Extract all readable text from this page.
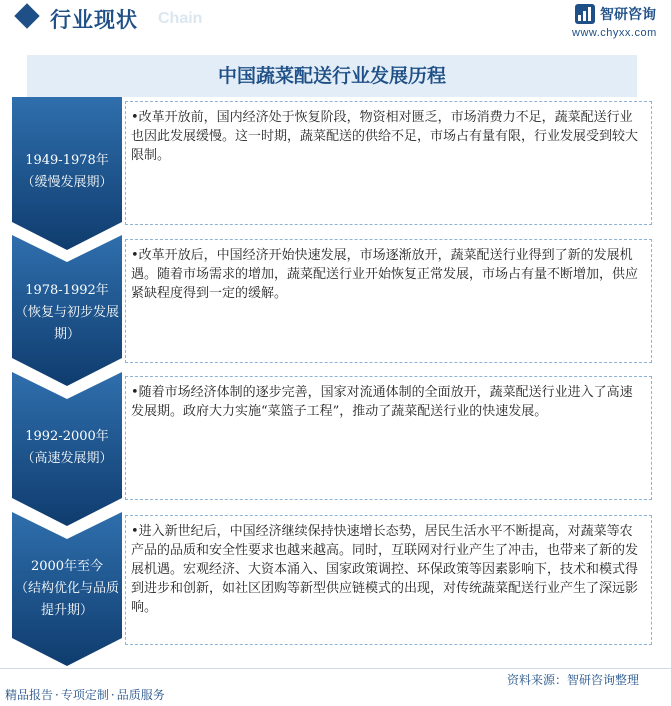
行业现状 Chain	智研咨询
www.chyxx.com
中国蔬菜配送行业发展历程
1949-1978年
（缓慢发展期）

•改革开放前，国内经济处于恢复阶段，物资相对匮乏，市场消费力不足，蔬菜配送行业也因此发展缓慢。这一时期，蔬菜配送的供给不足，市场占有量有限，行业发展受到较大限制。

1978-1992年
（恢复与初步发展期）

•改革开放后，中国经济开始快速发展，市场逐渐放开，蔬菜配送行业得到了新的发展机遇。随着市场需求的增加，蔬菜配送行业开始恢复正常发展，市场占有量不断增加，供应紧缺程度得到一定的缓解。

1992-2000年
（高速发展期）

•随着市场经济体制的逐步完善，国家对流通体制的全面放开，蔬菜配送行业进入了高速发展期。政府大力实施“菜篮子工程”，推动了蔬菜配送行业的快速发展。

2000年至今
（结构优化与品质提升期）

•进入新世纪后，中国经济继续保持快速增长态势，居民生活水平不断提高，对蔬菜等农产品的品质和安全性要求也越来越高。同时，互联网对行业产生了冲击，也带来了新的发展机遇。宏观经济、大资本涌入、国家政策调控、环保政策等因素影响下，技术和模式得到进步和创新，如社区团购等新型供应链模式的出现，对传统蔬菜配送行业产生了深远影响。

资料来源：智研咨询整理
精品报告 · 专项定制 · 品质服务
